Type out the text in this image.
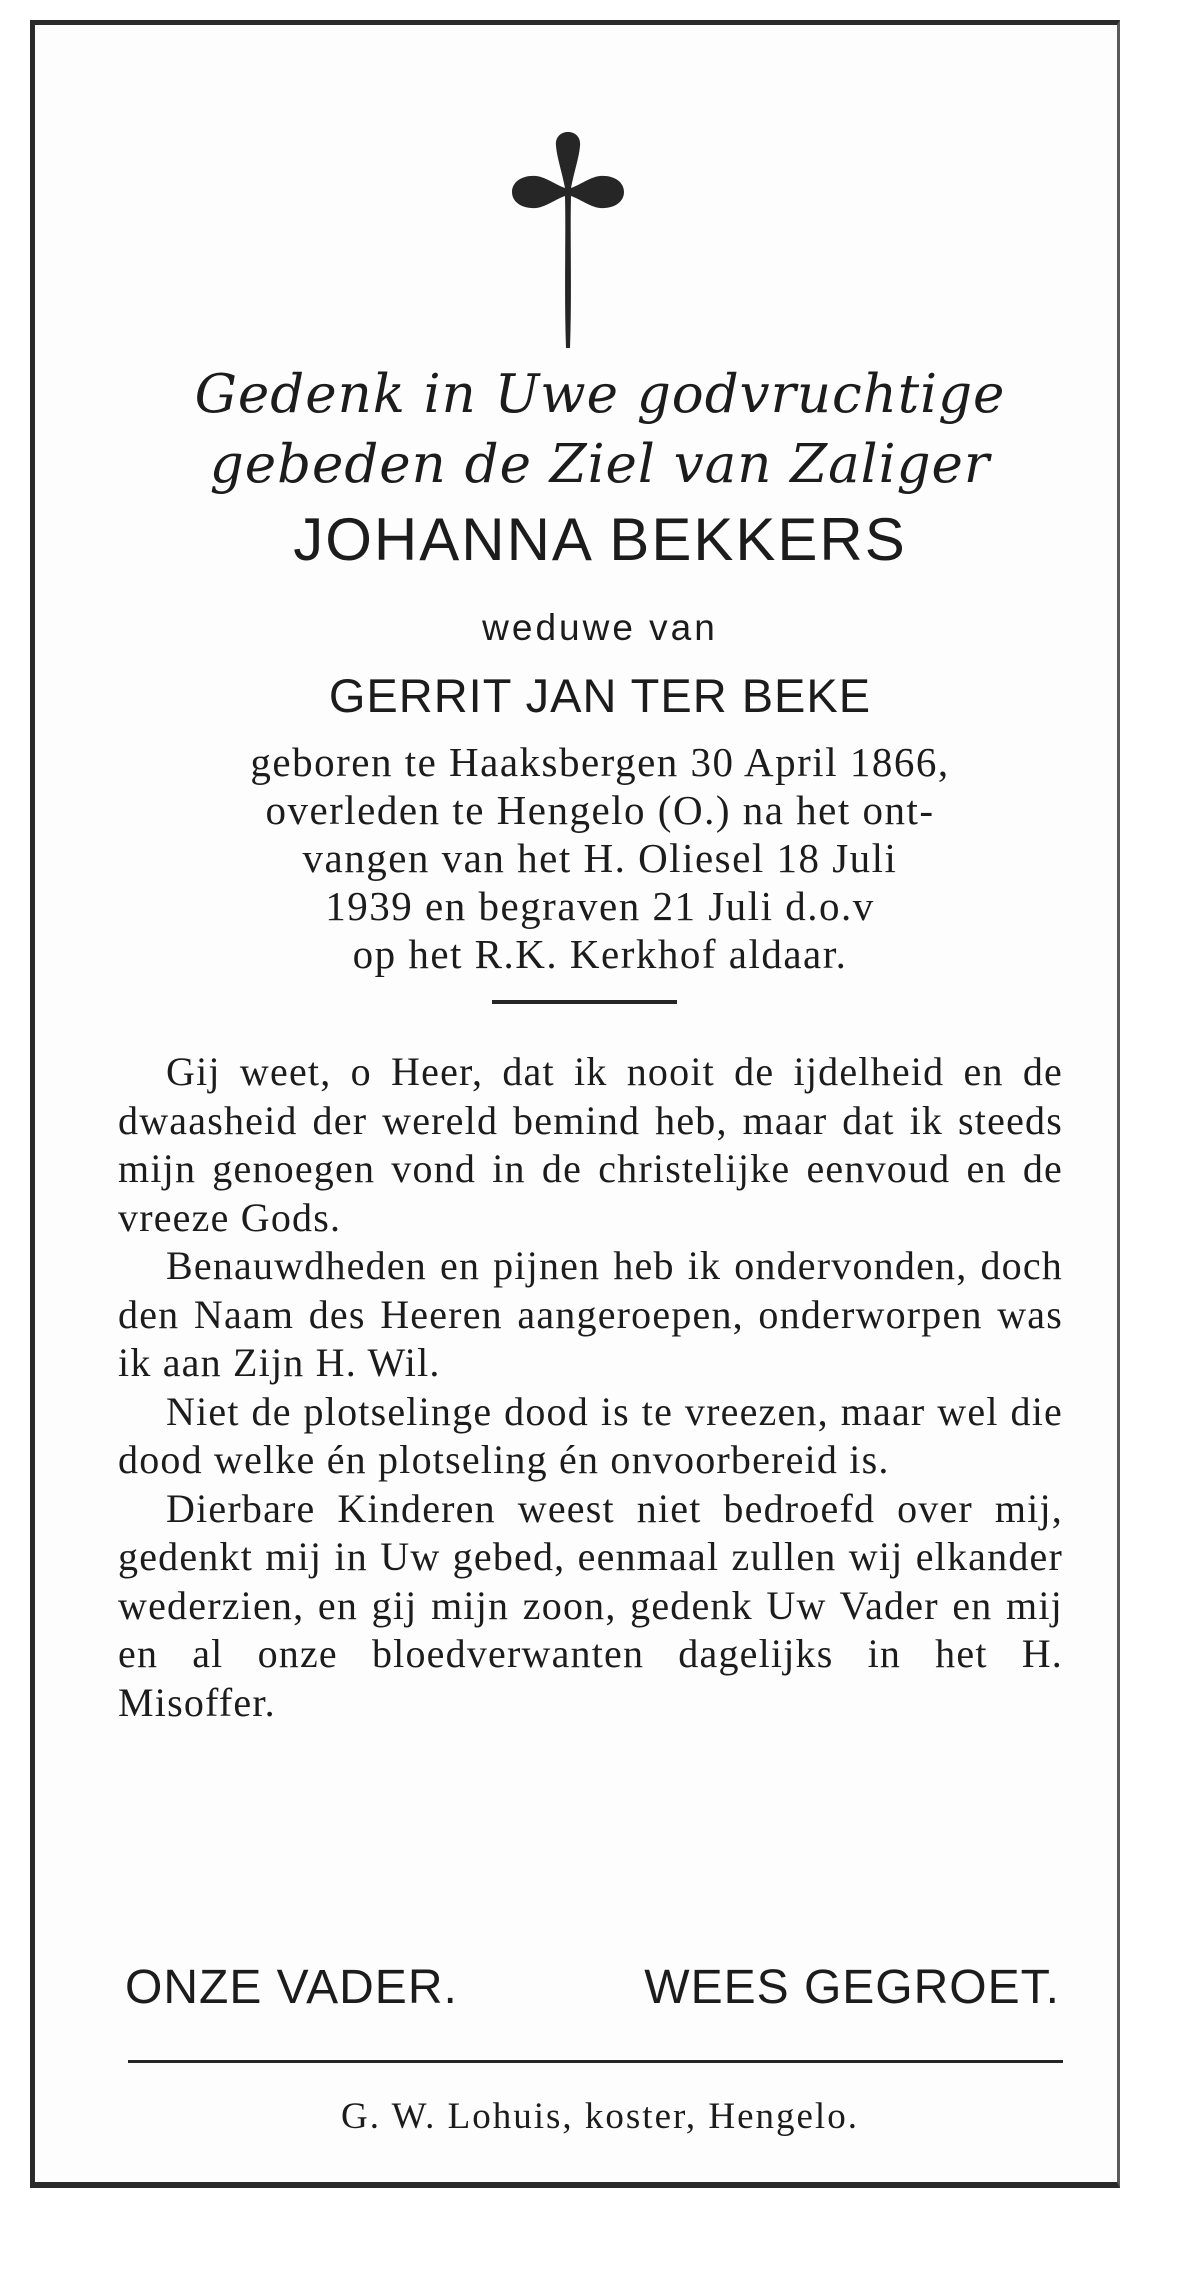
Gedenk in Uwe godvruchtige
gebeden de Ziel van Zaliger
JOHANNA BEKKERS
weduwe van
GERRIT JAN TER BEKE
geboren te Haaksbergen 30 April 1866,
overleden te Hengelo (O.) na het ont-
vangen van het H. Oliesel 18 Juli
1939 en begraven 21 Juli d.o.v
op het R.K. Kerkhof aldaar.

Gij weet, o Heer, dat ik nooit de ijdelheid en de dwaasheid der wereld bemind heb, maar dat ik steeds mijn genoegen vond in de christelijke eenvoud en de vreeze Gods.

Benauwdheden en pijnen heb ik ondervonden, doch den Naam des Heeren aangeroepen, onderworpen was ik aan Zijn H. Wil.

Niet de plotselinge dood is te vreezen, maar wel die dood welke én plotseling én onvoorbereid is.

Dierbare Kinderen weest niet bedroefd over mij, gedenkt mij in Uw gebed, eenmaal zullen wij elkander wederzien, en gij mijn zoon, gedenk Uw Vader en mij en al onze bloedverwanten dagelijks in het H. Misoffer.

ONZE VADER.	WEES GEGROET.
G. W. Lohuis, koster, Hengelo.
